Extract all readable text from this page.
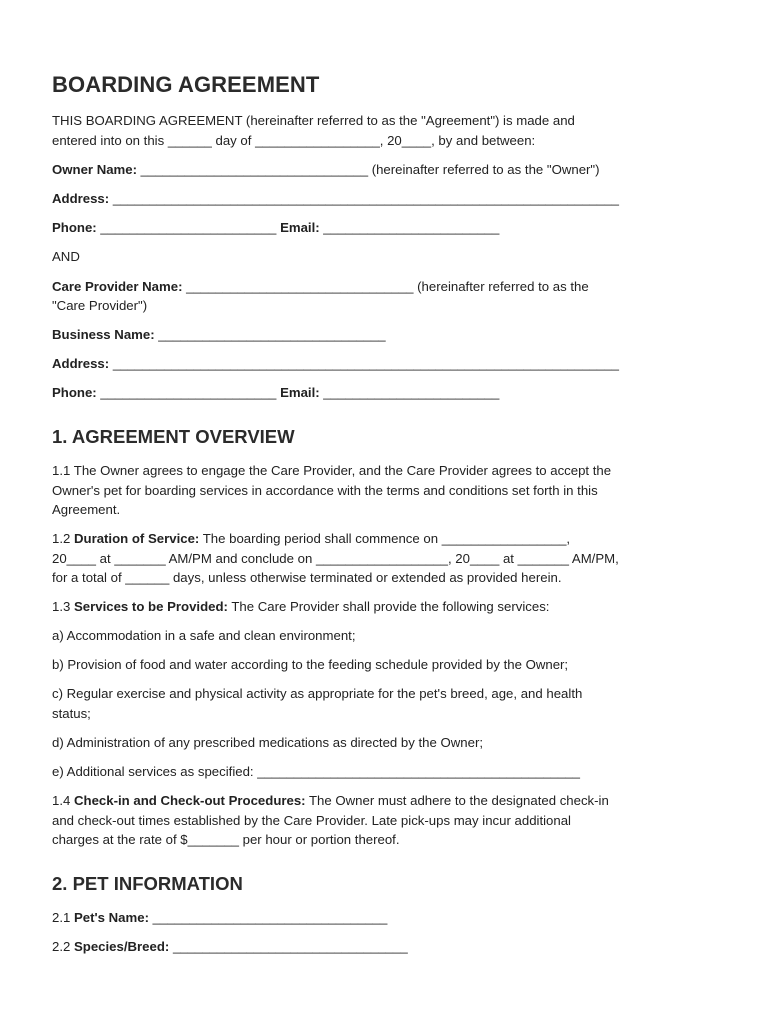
BOARDING AGREEMENT

THIS BOARDING AGREEMENT (hereinafter referred to as the "Agreement") is made and

entered into on this ______ day of _________________, 20____, by and between:

Owner Name: _______________________________ (hereinafter referred to as the "Owner")

Address: _____________________________________________________________________

Phone: ________________________ Email: ________________________

AND

Care Provider Name: _______________________________ (hereinafter referred to as the

"Care Provider")

Business Name: _______________________________

Address: _____________________________________________________________________

Phone: ________________________ Email: ________________________

1. AGREEMENT OVERVIEW

1.1 The Owner agrees to engage the Care Provider, and the Care Provider agrees to accept the

Owner's pet for boarding services in accordance with the terms and conditions set forth in this

Agreement.

1.2 Duration of Service: The boarding period shall commence on _________________,

20____ at _______ AM/PM and conclude on __________________, 20____ at _______ AM/PM,

for a total of ______ days, unless otherwise terminated or extended as provided herein.

1.3 Services to be Provided: The Care Provider shall provide the following services:

a) Accommodation in a safe and clean environment;

b) Provision of food and water according to the feeding schedule provided by the Owner;

c) Regular exercise and physical activity as appropriate for the pet's breed, age, and health

status;

d) Administration of any prescribed medications as directed by the Owner;

e) Additional services as specified: ____________________________________________

1.4 Check-in and Check-out Procedures: The Owner must adhere to the designated check-in

and check-out times established by the Care Provider. Late pick-ups may incur additional

charges at the rate of $_______ per hour or portion thereof.

2. PET INFORMATION

2.1 Pet's Name: ________________________________

2.2 Species/Breed: ________________________________
